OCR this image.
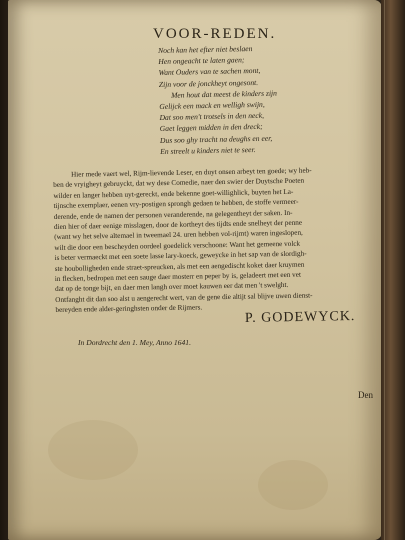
VOOR-REDEN.
Noch kan het efter niet beslaen
Hen ongeacht te laten gaen;
Want Ouders van te sachen mont,
Zijn voor de jonckheyt ongesont.
Men hout dat meest de kinders zijn
Gelijck een mack en welligh swijn,
Dat soo men't trotsels in den neck,
Gaet leggen midden in den dreck;
Dus soo ghy tracht na deughs en eer,
En streelt u kinders niet te seer.
Hier mede vaert wel, Rijm-lievende Leser, en duyt onsen arbeyt ten goede; wy heb-
ben de vryigheyt gebruyckt, dat wy dese Comedie, naer den swier der Duytsche Poeten
wilder en langer hebben uyt-gereckt, ende bekenne goet-willighlick, buyten het La-
tijnsche exemplaer, eenen vry-postigen sprongh gedaen te hebben, de stoffe vermeer-
derende, ende de namen der personen veranderende, na gelegentheyt der saken. In-
dien hier of daer eenige misslagen, door de kortheyt des tijdts ende snelheyt der penne
(want wy het selve altemael in tweemael 24. uren hebben vol-rijmt) waren ingeslopen,
wilt die door een bescheyden oordeel goedelick verschoone: Want het gemeene volck
is beter vermaeckt met een soete lasse lary-koeck, geweycke in het sap van de slordigh-
ste houbolligheden ende straet-spreucken, als met een aengedischt koket daer kruymen
in flecken, bedropen met een sauge daer mosterr en peper by is, geladeert met een vet
dat op de tonge bijt, en daer men langh over moet kauwen eer dat men 't swelght.
Ontfanght dit dan soo alst u aengerecht wert, van de gene die altijt sal blijve uwen dienst-
bereyden ende alder-geringhsten onder de Rijmers.
P. GODEWYCK.
In Dordrecht den 1. Mey, Anno 1641.
Den
